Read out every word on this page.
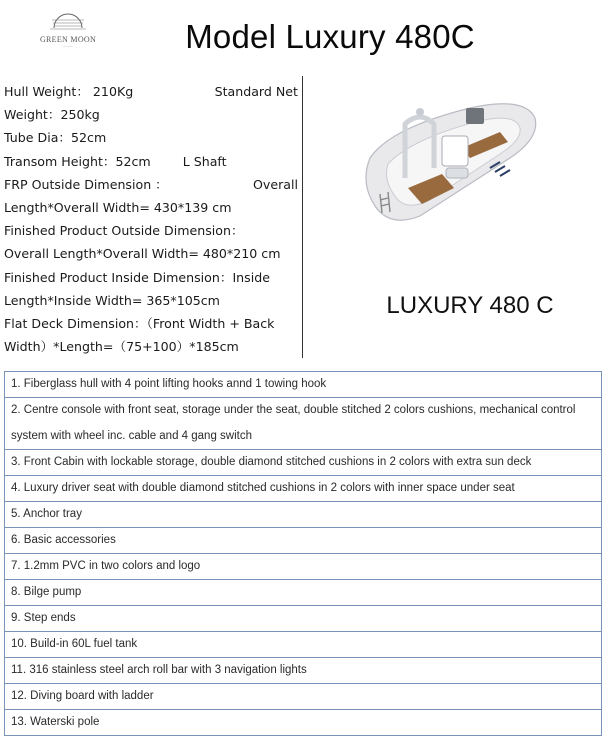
GREEN MOON
———	Model Luxury 480C
Hull Weight： 210Kg	Standard Net
Weight：250kg
Tube Dia：52cm
Transom Height：52cm	L Shaft
FRP Outside Dimension ：	Overall
Length*Overall Width= 430*139 cm
Finished Product Outside Dimension：
Overall Length*Overall Width= 480*210 cm
Finished Product Inside Dimension：Inside
Length*Inside Width= 365*105cm
Flat Deck Dimension：（Front Width + Back
Width）*Length=（75+100）*185cm
LUXURY 480 C
1. Fiberglass hull with 4 point lifting hooks annd 1 towing hook
2. Centre console with front seat, storage under the seat, double stitched 2 colors cushions, mechanical control system with wheel inc. cable and 4 gang switch
3. Front Cabin with lockable storage, double diamond stitched cushions in 2 colors with extra sun deck
4. Luxury driver seat with double diamond stitched cushions in 2 colors with inner space under seat
5. Anchor tray
6. Basic accessories
7. 1.2mm PVC in two colors and logo
8. Bilge pump
9. Step ends
10. Build-in 60L fuel tank
11. 316 stainless steel arch roll bar with 3 navigation lights
12. Diving board with ladder
13. Waterski pole
